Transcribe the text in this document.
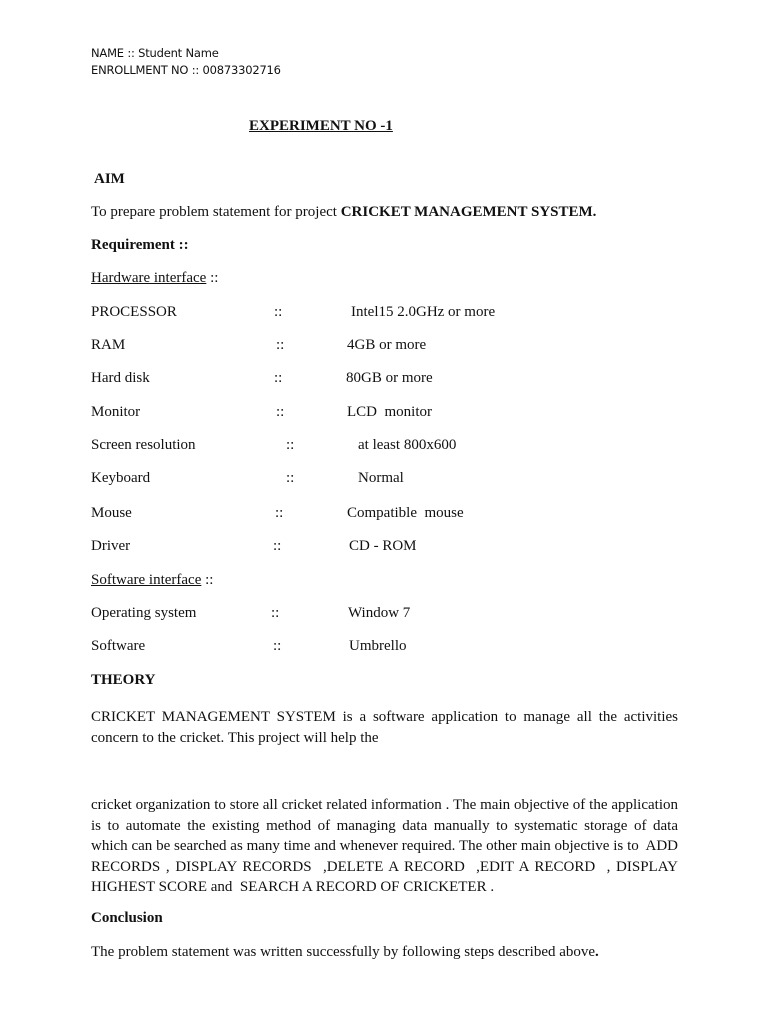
NAME :: Student Name
ENROLLMENT NO :: 00873302716
EXPERIMENT NO -1
AIM
To prepare problem statement for project CRICKET MANAGEMENT SYSTEM.
Requirement ::
Hardware interface ::
PROCESSOR	::	Intel15 2.0GHz or more
RAM	::	4GB or more
Hard disk	::	80GB or more
Monitor	::	LCD  monitor
Screen resolution	::	at least 800x600
Keyboard	::	Normal
Mouse	::	Compatible  mouse
Driver	::	CD - ROM
Software interface ::
Operating system	::	Window 7
Software	::	Umbrello
THEORY
CRICKET MANAGEMENT SYSTEM is a software application to manage all the activities concern to the cricket. This project will help the
cricket organization to store all cricket related information . The main objective of the application is to automate the existing method of managing data manually to systematic storage of data which can be searched as many time and whenever required. The other main objective is to  ADD RECORDS , DISPLAY RECORDS  ,DELETE A RECORD  ,EDIT A RECORD  , DISPLAY HIGHEST SCORE and  SEARCH A RECORD OF CRICKETER .
Conclusion
The problem statement was written successfully by following steps described above.
